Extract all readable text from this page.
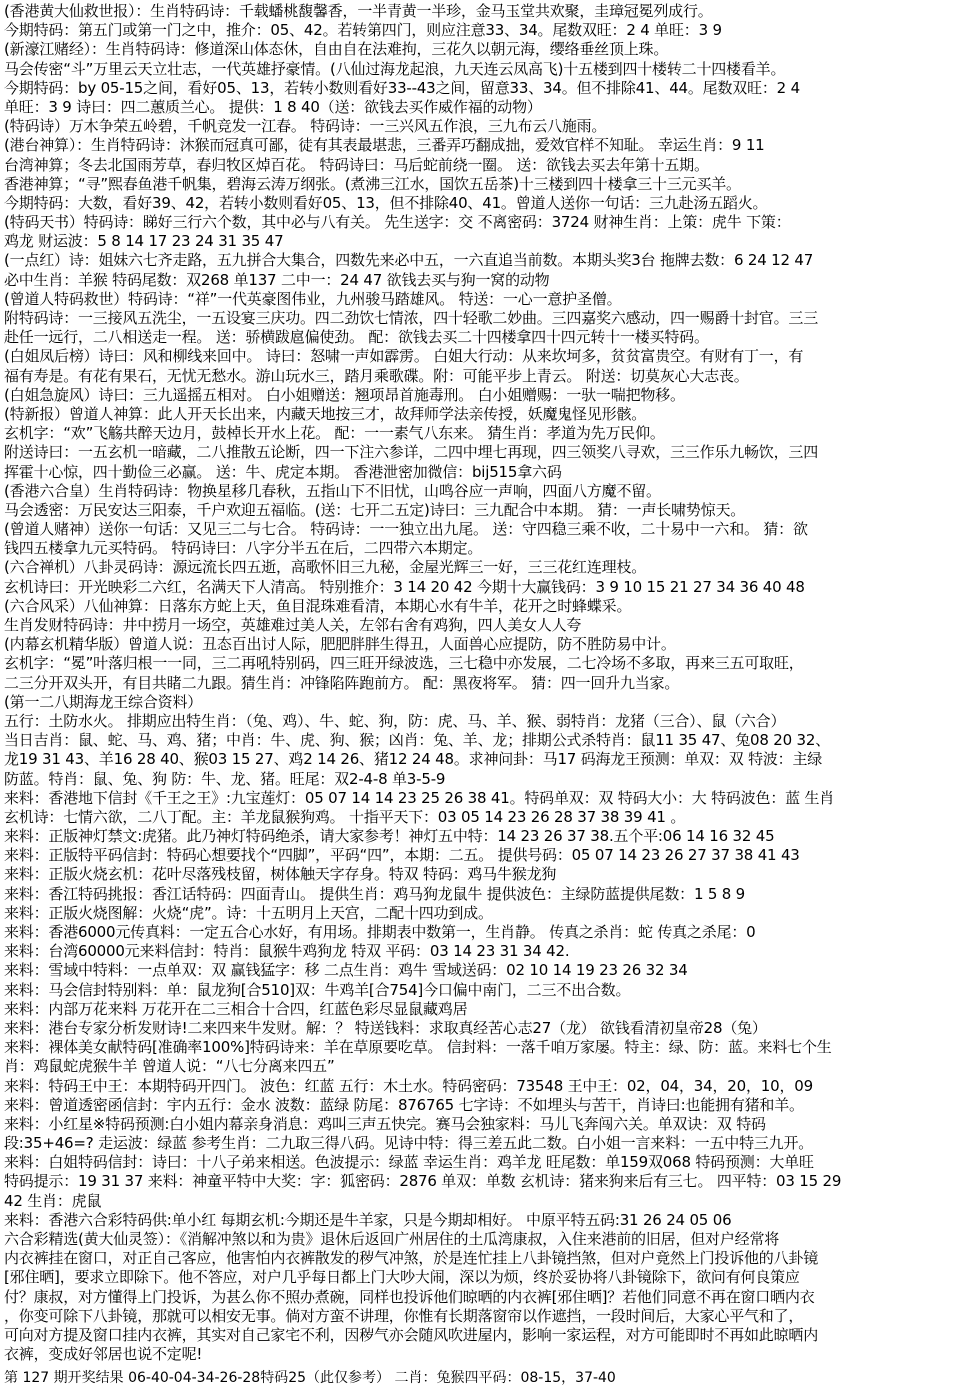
(香港黄大仙救世报）：生肖特码诗：千载蟠桃馥馨香，一半青黄一半珍，金马玉堂共欢聚，圭璋冠冕列成行。
今期特码：第五门或第一门之中，推介：05、42。若转第四门，则应注意33、34。尾数双旺：2 4 单旺：3 9
(新濠江赌经）：生肖特码诗：修道深山体态休，自由自在法难拘，三花久以朝元海，缨络垂丝顶上珠。
马会传密“斗”万里云天立壮志，一代英雄抒豪情。(八仙过海龙起浪，九天连云凤高飞)十五楼到四十楼转二十四楼看羊。
今期特码：by 05-15之间，看好05、13，若转小数则看好33--43之间，留意33、34。但不排除41、44。尾数双旺：2 4
单旺：3 9 诗曰：四二蕙质兰心。 提供：1 8 40（送：欲钱去买作威作福的动物）
(特码诗）万木争荣五岭碧，千帆竞发一江春。 特码诗：一三兴风五作浪，三九布云八施雨。
(港台神算）：生肖特码诗：沐猴而冠真可鄙，徒有其表最堪悲，三番弄巧翻成拙，爱效官样不知耻。 幸运生肖：9 11
台湾神算；冬去北国雨芳草，春归牧区焯百花。 特码诗曰：马后蛇前绕一圈。 送：欲钱去买去年第十五期。
香港神算；“寻”熙春鱼港千帆集，碧海云涛万纲张。(煮沸三江水，国饮五岳茶)十三楼到四十楼拿三十三元买羊。
今期特码：大数，看好39、42，若转小数则看好05、13，但不排除40、41。曾道人送你一句话：三九赴汤五蹈火。
(特码天书）特码诗：睇好三行六个数，其中必与八有关。 先生送字：交 不离密码：3724 财神生肖：上策：虎牛 下策：
鸡龙 财运波：5 8 14 17 23 24 31 35 47
(一点红）诗：姐妹六七齐走路，五九拼合大集合，四数先来必中五，一六直追当前数。本期头奖3台 拖牌去数：6 24 12 47
必中生肖：羊猴 特码尾数：双268 单137 二中一：24 47 欲钱去买与狗一窝的动物
(曾道人特码救世）特码诗：“祥”一代英豪图伟业，九州骏马踏雄风。 特送：一心一意护圣僧。
附特码诗：一三接风五洗尘，一五设宴三庆功。四二劲饮七情浓，四十轻歌二妙曲。三四嘉奖六感动，四一赐爵十封官。三三
赴任一远行，二八相送走一程。 送：骄横跋扈偏使劲。 配：欲钱去买二十四楼拿四十四元转十一楼买特码。
(白姐凤后榜）诗曰：风和柳线来回中。 诗曰：怒啸一声如霹雳。 白姐大行动：从来坎坷多，贫贫富贵空。有财有丁一，有
福有寿是。有花有果石，无忧无愁水。游山玩水三，踏月乘歌碟。附：可能平步上青云。 附送：切莫灰心大志丧。
(白姐急旋风）诗曰：三九遥摇五相对。 白小姐赠送：翘项昂首施毒刑。 白小姐赠赐：一驮一喘把物移。
(特新报）曾道人神算：此人开天长出来，内藏天地按三才，故拜师学法亲传授，妖魔鬼怪见形骸。
玄机字：“欢”飞觞共醉天边月，鼓棹长开水上花。 配：一一素气八东来。 猜生肖：孝道为先万民仰。
附送诗曰：一五玄机一暗藏，二八推散五论断，四一下注六参详，二四中埋七再现，四三领奖八寻欢，三三作乐九畅饮，三四
挥霍十心惊，四十勤俭三必赢。 送：牛、虎定本期。 香港泄密加微信：bij515拿六码
(香港六合皇）生肖特码诗：物换星移几春秋，五指山下不旧忧，山鸣谷应一声响，四面八方魔不留。
马会透密：万民安达三阳泰，千户欢迎五福临。(送：七开二五定)诗曰：三九配合中本期。 猜：一声长啸势惊天。
(曾道人赌神）送你一句话：又见三二与七合。 特码诗：一一独立出九尾。 送：守四稳三乘不收，二十易中一六和。 猜：欲
钱四五楼拿九元买特码。 特码诗曰：八字分半五在后，二四带六本期定。
(六合禅机）八卦灵码诗：源远流长四五逝，高歌怀旧三九秘，金屋光辉三一好，三三花红连理枝。
玄机诗曰：开光映彩二六红，名满天下人清高。 特别推介：3 14 20 42 今期十大赢钱码：3 9 10 15 21 27 34 36 40 48
(六合风采）八仙神算：日落东方蛇上天，鱼目混珠难看清，本期心水有牛羊，花开之时蜂蝶采。
生肖发财特码诗：井中捞月一场空，英雄难过美人关，左邻右舍有鸡狗，四人美女人人夸
(内幕玄机精华版）曾道人说：丑态百出讨人际，肥肥胖胖生得丑，人面兽心应提防，防不胜防易中计。
玄机字：“冕”叶落归根一一同，三二再吼特别码，四三旺开绿波选，三七稳中亦发展，二七冷场不多取，再来三五可取旺，
二三分开双头开，有目共睹二九跟。猜生肖：冲锋陷阵跑前方。 配：黑夜将军。 猜：四一回升九当家。
(第一二八期海龙王综合资料）
五行：土防水火。 排期应出特生肖：（兔、鸡）、牛、蛇、狗，防：虎、马、羊、猴、弱特肖：龙猪（三合）、鼠（六合）
当日吉肖：鼠、蛇、马、鸡、猪；中肖：牛、虎、狗、猴；凶肖：兔、羊、龙；排期公式杀特肖：鼠11 35 47、兔08 20 32、
龙19 31 43、羊16 28 40、猴03 15 27、鸡2 14 26、猪12 24 48。求神问卦：马17 码海龙王预测：单双：双 特波：主绿
防蓝。特肖：鼠、兔、狗 防：牛、龙、猪。旺尾：双2-4-8 单3-5-9
来料：香港地下信封《千王之王》:九宝莲灯：05 07 14 14 23 25 26 38 41。特码单双：双 特码大小：大 特码波色：蓝 生肖
玄机诗：七情六欲，二八丁配。主：羊龙鼠猴狗鸡。 十指平天下：03 05 14 23 26 28 37 38 39 41 。
来料：正版神灯禁文:虎猪。此乃神灯特码绝杀，请大家参考！神灯五中特：14 23 26 37 38.五个平:06 14 16 32 45
来料：正版特平码信封：特码心想要找个“四脚”，平码“四”，本期：二五。 提供号码：05 07 14 23 26 27 37 38 41 43
来料：正版火烧玄机：花叶尽落残枝留，树体触天字存身。特双 特码：鸡马牛猴龙狗
来料：香江特码挑报：香江话特码：四面青山。 提供生肖：鸡马狗龙鼠牛 提供波色：主绿防蓝提供尾数：1 5 8 9
来料：正版火烧图解：火烧“虎”。诗：十五明月上天宫，二配十四功到成。
来料：香港6000元传真料：一定五合心水好，有用场。排期表中数第一，生肖静。 传真之杀肖：蛇 传真之杀尾：0
来料：台湾60000元来料信封：特肖：鼠猴牛鸡狗龙 特双 平码：03 14 23 31 34 42.
来料：雪域中特料：一点单双：双 赢钱猛字：移 二点生肖：鸡牛 雪域送码：02 10 14 19 23 26 32 34
来料：马会信封特别料：单：鼠龙狗[合510]双：牛鸡羊[合754]今口偏中南门，二三不出合数。
来料：内部万花来料 万花开在二三相合十合四，红蓝色彩尽显鼠藏鸡居
来料：港台专家分析发财诗!二来四来牛发财。解：？ 特送钱料：求取真经苦心志27（龙） 欲钱看清初皇帝28（兔）
来料：裸体美女献特码[准确率100%]特码诗来：羊在草原要吃草。 信封料：一落千咱万家屡。特主：绿、防：蓝。来料七个生
肖：鸡鼠蛇虎猴牛羊 曾道人说：“八七分离来四五”
来料：特码王中王：本期特码开四门。 波色：红蓝 五行：木土水。特码密码：73548 王中王：02，04，34，20，10，09
来料：曾道透密函信封：宇内五行：金水 波数：蓝绿 防尾：876765 七字诗：不如埋头与苦干，肖诗曰:也能拥有猪和羊。
来料：小红星※特码预测:白小姐内幕亲身消息：鸡叫三声五快完。赛马会独家料：马儿飞奔闯六关。单双诀：双 特码
段:35+46=? 走运波：绿蓝 参考生肖：二九取三得八码。见诗中特：得三差五此二数。白小姐一言来料：一五中特三九开。
来料：白姐特码信封：诗曰：十八子弟来相送。色波提示：绿蓝 幸运生肖：鸡羊龙 旺尾数：单159双068 特码预测：大单旺
特码提示：19 31 37 来料：神童平特中大奖：字：狐密码：2876 单双：单数 玄机诗：猪来狗来后有三七。 四平特：03 15 29
42 生肖：虎鼠
来料：香港六合彩特码供:单小红 每期玄机:今期还是牛羊家，只是今期却相好。 中原平特五码:31 26 24 05 06
六合彩精选(黄大仙灵签）：《消解冲煞以和为贵》退休后返回广州居住的土瓜湾康叔，入住来港前的旧居，但对户经常将
内衣裤挂在窗口，对正自己客应，他害怕内衣裤散发的秽气冲煞，於是连忙挂上八卦镜挡煞，但对户竟然上门投诉他的八卦镜
[邪住晒]，要求立即除下。他不答应，对户几乎每日都上门大吵大闹，深以为烦，终於妥协将八卦镜除下，欲问有何良策应
付？康叔，对方懂得上门投诉，为甚么你不照办煮碗，同样也投诉他们晾晒的内衣裤[邪住晒]？若他们同意不再在窗口晒内衣
，你变可除下八卦镜，那就可以相安无事。倘对方蛮不讲理，你惟有长期落窗帘以作遮挡，一段时间后，大家心平气和了，
可向对方提及窗口挂内衣裤，其实对自己家宅不利，因秽气亦会随风吹进屋内，影响一家运程，对方可能即时不再如此晾晒内
衣裤，变成好邻居也说不定呢!
第 127 期开奖结果 06-40-04-34-26-28特码25（此仅参考） 二肖：兔猴四平码：08-15，37-40
